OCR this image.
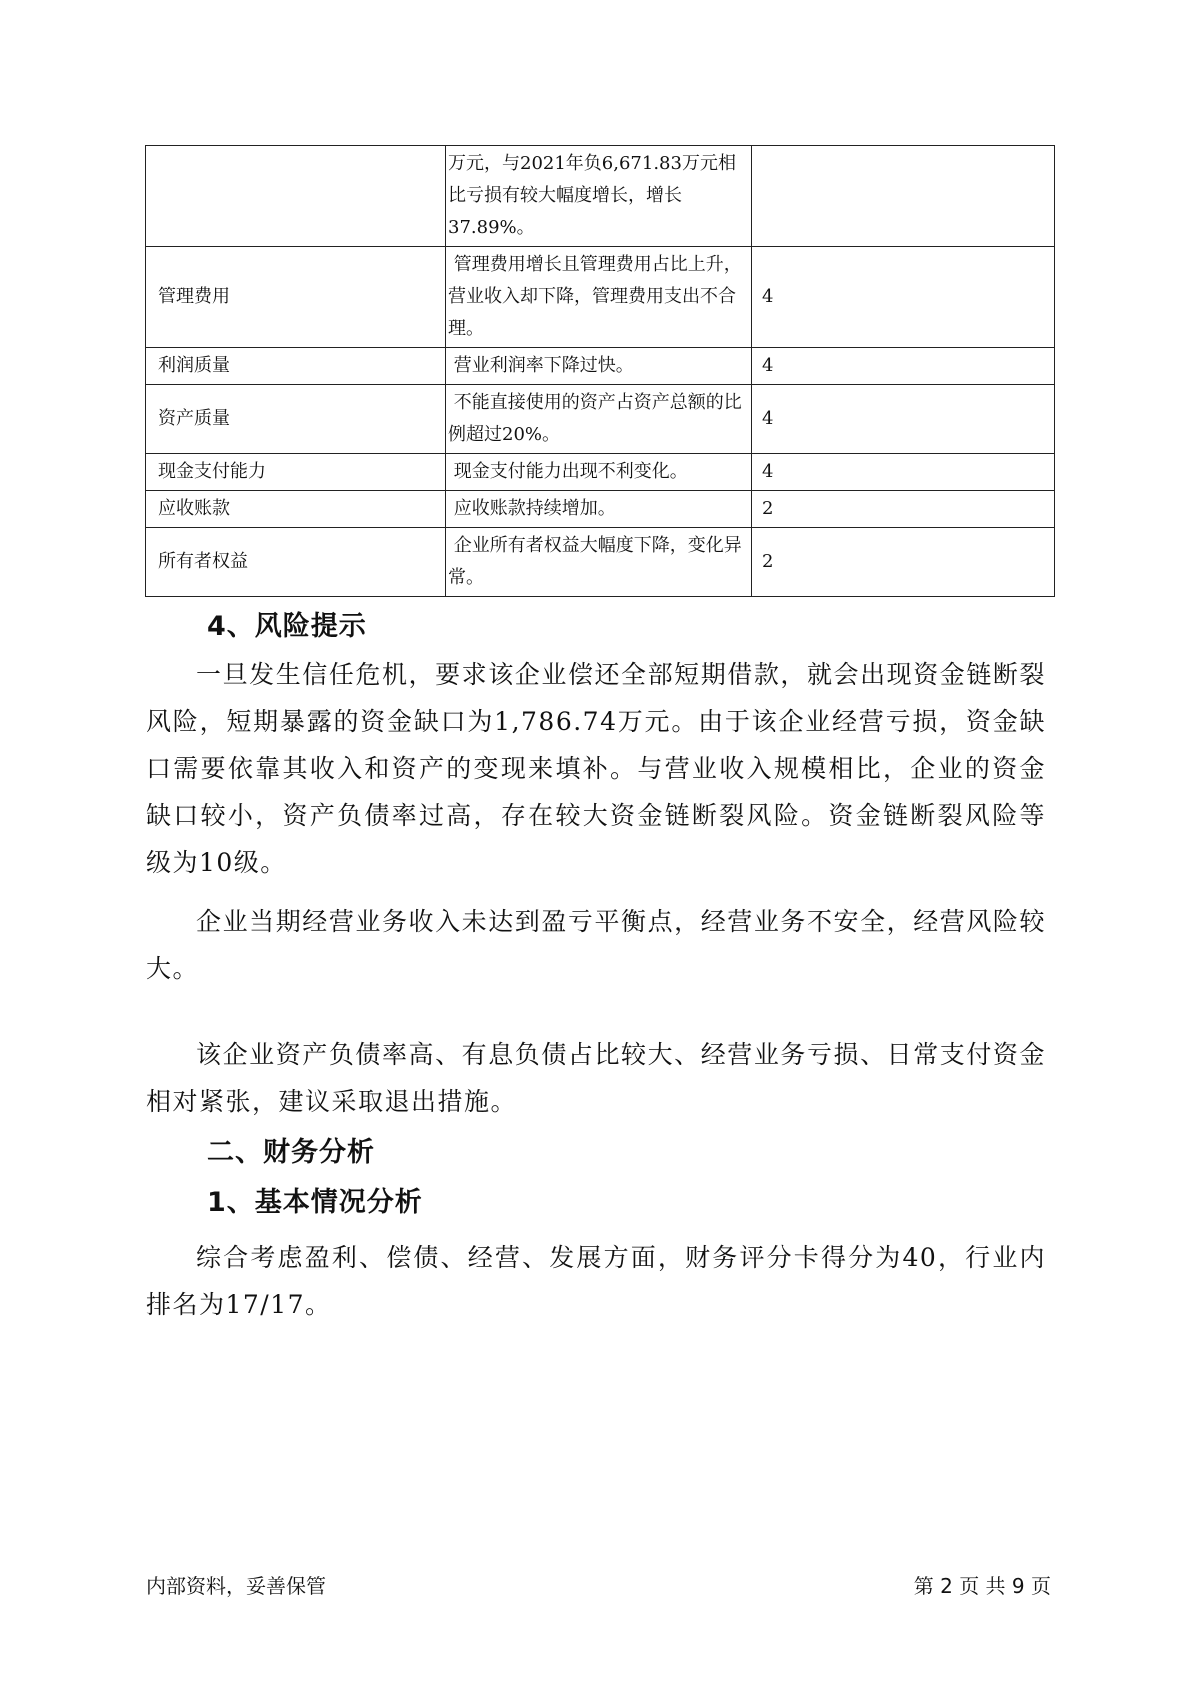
	万元，与2021年负6,671.83万元相比亏损有较大幅度增长，增长37.89%。	
管理费用	管理费用增长且管理费用占比上升，营业收入却下降，管理费用支出不合理。	4
利润质量	营业利润率下降过快。	4
资产质量	不能直接使用的资产占资产总额的比例超过20%。	4
现金支付能力	现金支付能力出现不利变化。	4
应收账款	应收账款持续增加。	2
所有者权益	企业所有者权益大幅度下降，变化异常。	2
4、风险提示

一旦发生信任危机，要求该企业偿还全部短期借款，就会出现资金链断裂风险，短期暴露的资金缺口为1,786.74万元。由于该企业经营亏损，资金缺口需要依靠其收入和资产的变现来填补。与营业收入规模相比，企业的资金缺口较小，资产负债率过高，存在较大资金链断裂风险。资金链断裂风险等级为10级。

企业当期经营业务收入未达到盈亏平衡点，经营业务不安全，经营风险较大。

该企业资产负债率高、有息负债占比较大、经营业务亏损、日常支付资金相对紧张，建议采取退出措施。

二、财务分析
1、基本情况分析

综合考虑盈利、偿债、经营、发展方面，财务评分卡得分为40，行业内排名为17/17。

内部资料，妥善保管	第 2 页 共 9 页
